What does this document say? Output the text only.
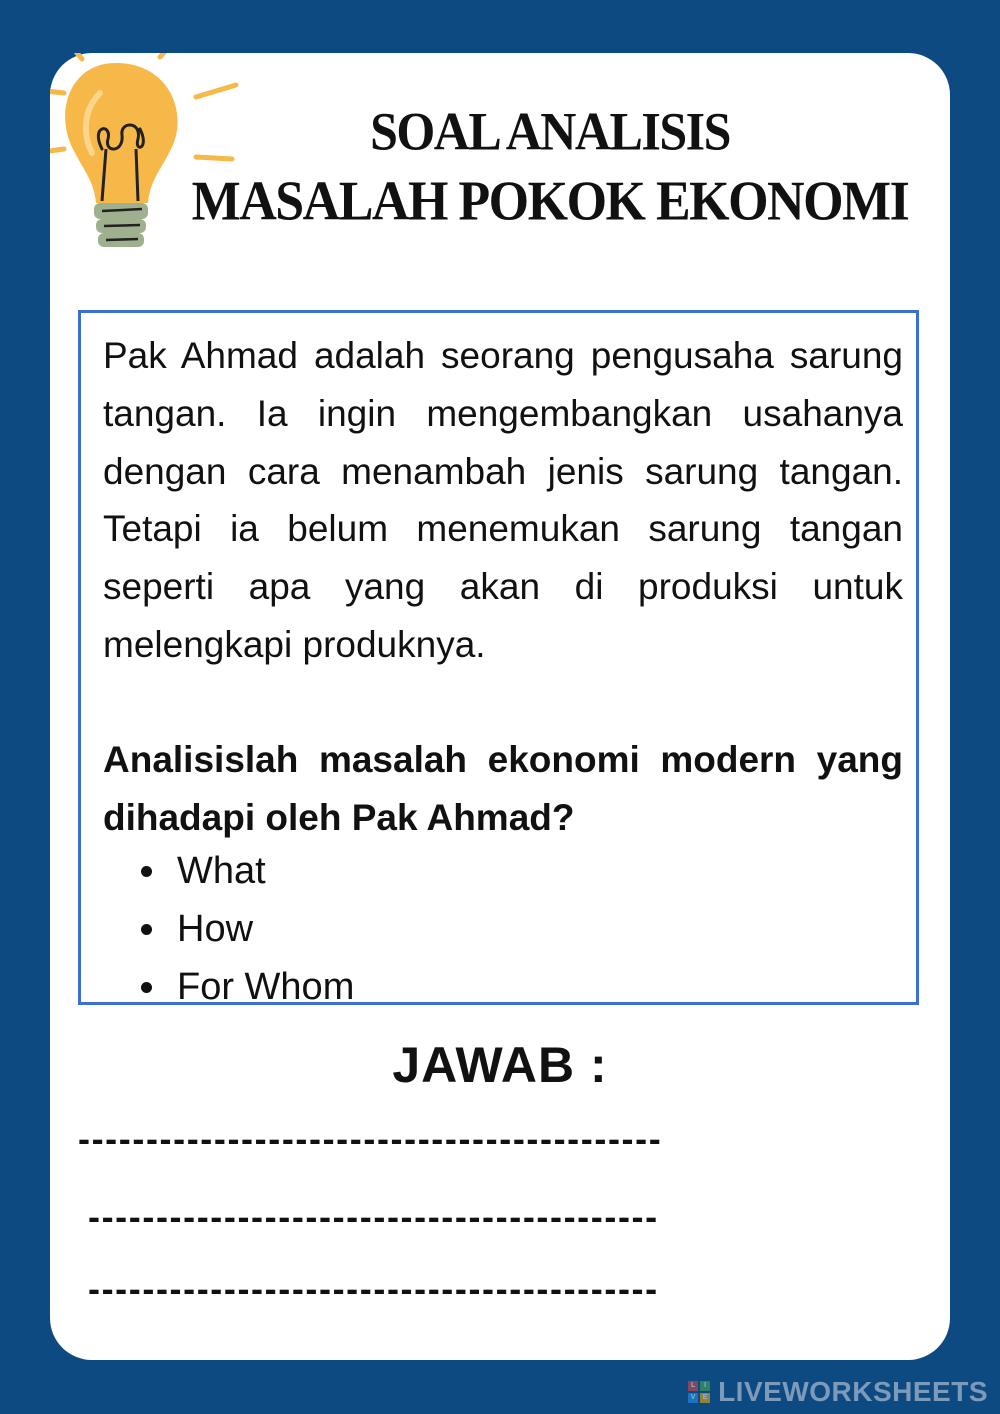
SOAL ANALISIS
MASALAH POKOK EKONOMI

Pak Ahmad adalah seorang pengusaha sarung tangan. Ia ingin mengembangkan usahanya dengan cara menambah jenis sarung tangan. Tetapi ia belum menemukan sarung tangan seperti apa yang akan di produksi untuk melengkapi produknya.

Analisislah masalah ekonomi modern yang dihadapi oleh Pak Ahmad?

What
How
For Whom
JAWAB :
-------------------------------------------
------------------------------------------
------------------------------------------
L	I
V	E LIVEWORKSHEETS
